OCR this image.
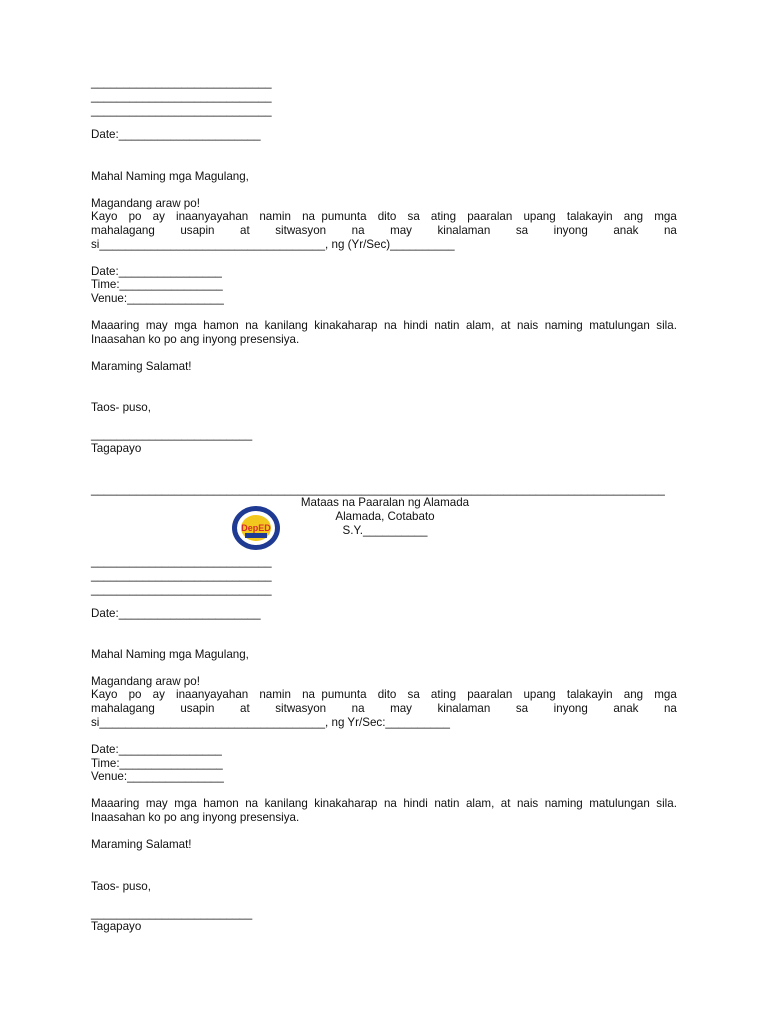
____________________________
____________________________
____________________________
Date:______________________
Mahal Naming mga Magulang,
Magandang araw po!
Kayo po ay inaanyayahan namin na  pumunta dito sa ating paaralan upang talakayin ang mga
mahalagang usapin at sitwasyon na may kinalaman sa inyong anak na
si___________________________________, ng (Yr/Sec)__________
Date:________________
Time:________________
Venue:_______________
Maaaring may mga hamon na kanilang kinakaharap na hindi natin alam, at nais naming matulungan sila.
Inaasahan ko po ang inyong presensiya.
Maraming Salamat!
Taos- puso,
_________________________
Tagapayo
_________________________________________________________________________________________
Mataas na Paaralan ng Alamada
Alamada, Cotabato
S.Y.__________
DepED
____________________________
____________________________
____________________________
Date:______________________
Mahal Naming mga Magulang,
Magandang araw po!
Kayo po ay inaanyayahan namin na  pumunta dito sa ating paaralan upang talakayin ang mga
mahalagang usapin at sitwasyon na may kinalaman sa inyong anak na
si___________________________________, ng Yr/Sec:__________
Date:________________
Time:________________
Venue:_______________
Maaaring may mga hamon na kanilang kinakaharap na hindi natin alam, at nais naming matulungan sila.
Inaasahan ko po ang inyong presensiya.
Maraming Salamat!
Taos- puso,
_________________________
Tagapayo
